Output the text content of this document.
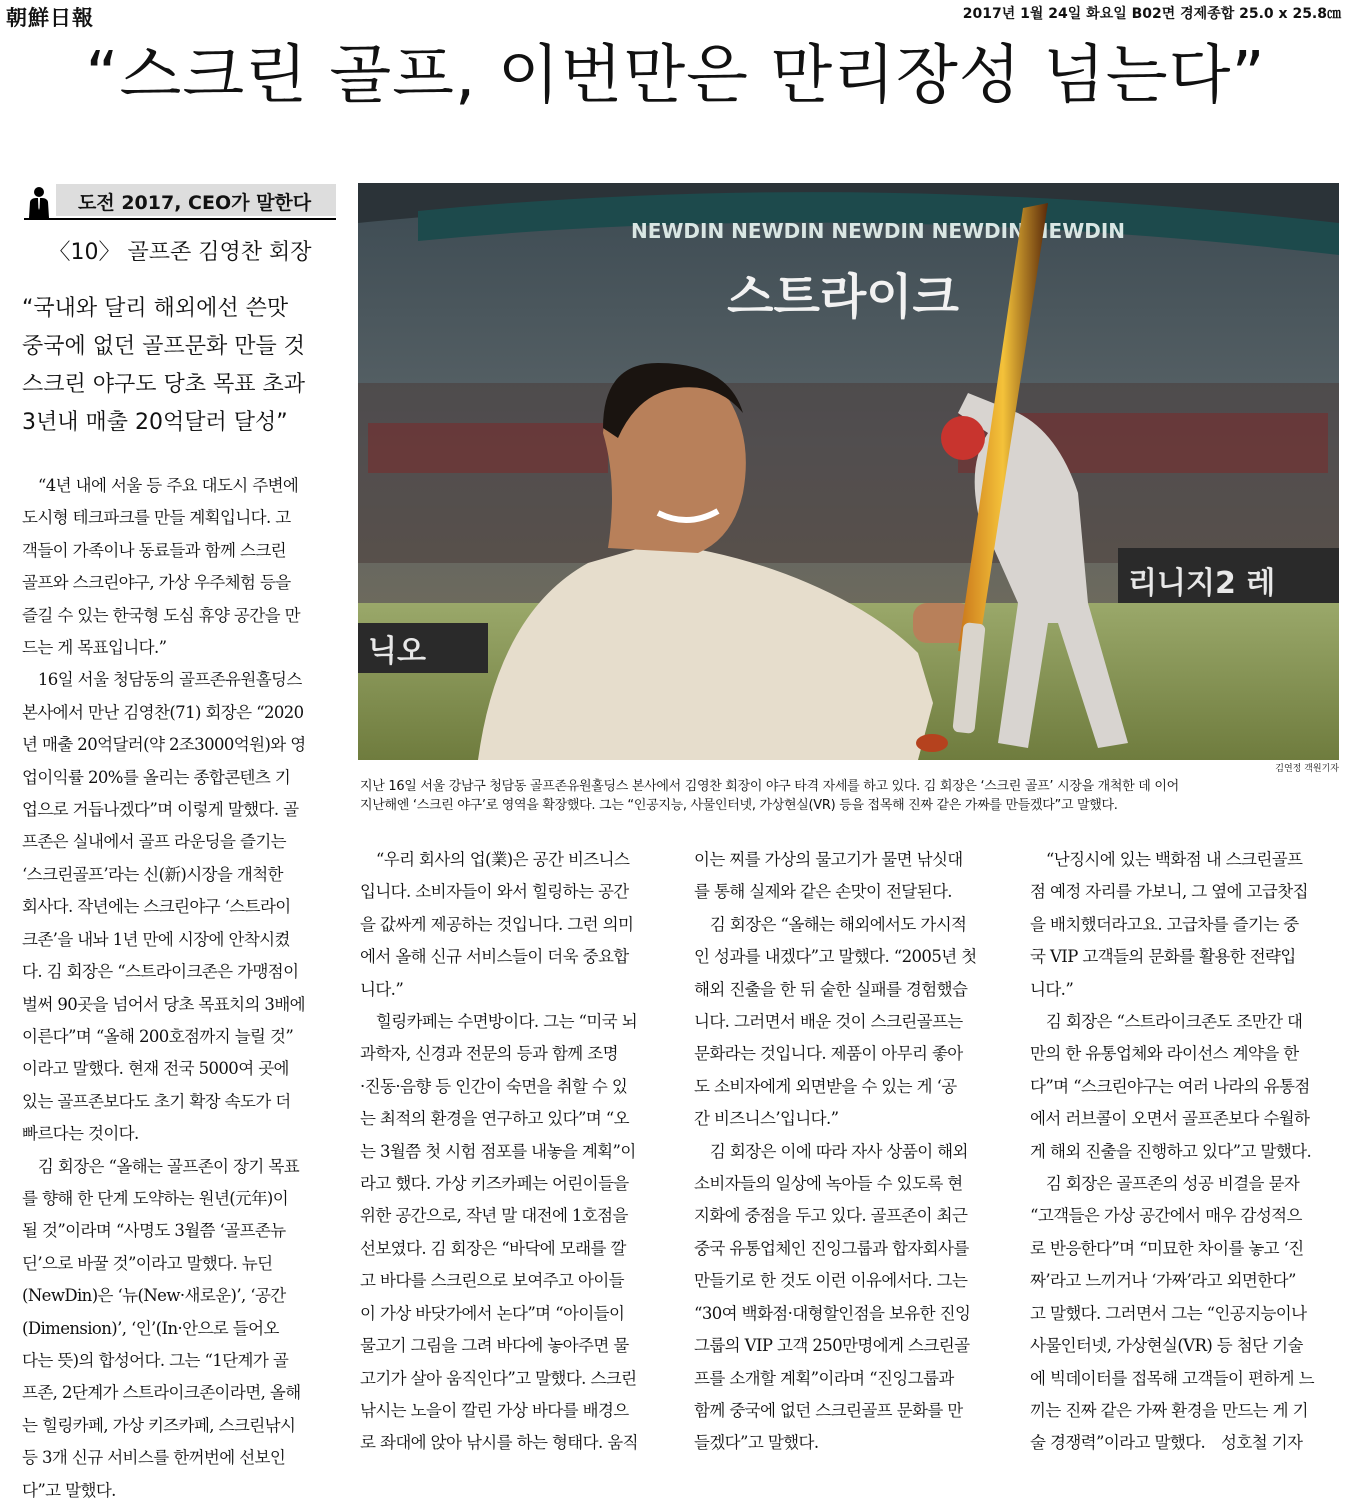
朝鮮日報	2017년 1월 24일 화요일 B02면 경제종합 25.0 x 25.8㎝
“스크린 골프, 이번만은 만리장성 넘는다”
도전 2017, CEO가 말한다
〈10〉 골프존 김영찬 회장
“국내와 달리 해외에선 쓴맛
중국에 없던 골프문화 만들 것
스크린 야구도 당초 목표 초과
3년내 매출 20억달러 달성”
　“4년 내에 서울 등 주요 대도시 주변에
도시형 테크파크를 만들 계획입니다. 고
객들이 가족이나 동료들과 함께 스크린
골프와 스크린야구, 가상 우주체험 등을
즐길 수 있는 한국형 도심 휴양 공간을 만
드는 게 목표입니다.”
　16일 서울 청담동의 골프존유원홀딩스
본사에서 만난 김영찬(71) 회장은 “2020
년 매출 20억달러(약 2조3000억원)와 영
업이익률 20%를 올리는 종합콘텐츠 기
업으로 거듭나겠다”며 이렇게 말했다. 골
프존은 실내에서 골프 라운딩을 즐기는
‘스크린골프’라는 신(新)시장을 개척한
회사다. 작년에는 스크린야구 ‘스트라이
크존’을 내놔 1년 만에 시장에 안착시켰
다. 김 회장은 “스트라이크존은 가맹점이
벌써 90곳을 넘어서 당초 목표치의 3배에
이른다”며 “올해 200호점까지 늘릴 것”
이라고 말했다. 현재 전국 5000여 곳에
있는 골프존보다도 초기 확장 속도가 더
빠르다는 것이다.
　김 회장은 “올해는 골프존이 장기 목표
를 향해 한 단계 도약하는 원년(元年)이
될 것”이라며 “사명도 3월쯤 ‘골프존뉴
딘’으로 바꿀 것”이라고 말했다. 뉴딘
(NewDin)은 ‘뉴(New·새로운)’, ‘공간
(Dimension)’, ‘인’(In·안으로 들어오
다는 뜻)의 합성어다. 그는 “1단계가 골
프존, 2단계가 스트라이크존이라면, 올해
는 힐링카페, 가상 키즈카페, 스크린낚시
등 3개 신규 서비스를 한꺼번에 선보인
다”고 말했다.
NEWDIN NEWDIN NEWDIN NEWDIN NEWDIN
스트라이크
리니지2 레
닉오
김연정 객원기자
지난 16일 서울 강남구 청담동 골프존유원홀딩스 본사에서 김영찬 회장이 야구 타격 자세를 하고 있다. 김 회장은 ‘스크린 골프’ 시장을 개척한 데 이어
지난해엔 ‘스크린 야구’로 영역을 확장했다. 그는 “인공지능, 사물인터넷, 가상현실(VR) 등을 접목해 진짜 같은 가짜를 만들겠다”고 말했다.
　“우리 회사의 업(業)은 공간 비즈니스
입니다. 소비자들이 와서 힐링하는 공간
을 값싸게 제공하는 것입니다. 그런 의미
에서 올해 신규 서비스들이 더욱 중요합
니다.”
　힐링카페는 수면방이다. 그는 “미국 뇌
과학자, 신경과 전문의 등과 함께 조명
·진동·음향 등 인간이 숙면을 취할 수 있
는 최적의 환경을 연구하고 있다”며 “오
는 3월쯤 첫 시험 점포를 내놓을 계획”이
라고 했다. 가상 키즈카페는 어린이들을
위한 공간으로, 작년 말 대전에 1호점을
선보였다. 김 회장은 “바닥에 모래를 깔
고 바다를 스크린으로 보여주고 아이들
이 가상 바닷가에서 논다”며 “아이들이
물고기 그림을 그려 바다에 놓아주면 물
고기가 살아 움직인다”고 말했다. 스크린
낚시는 노을이 깔린 가상 바다를 배경으
로 좌대에 앉아 낚시를 하는 형태다. 움직
이는 찌를 가상의 물고기가 물면 낚싯대
를 통해 실제와 같은 손맛이 전달된다.
　김 회장은 “올해는 해외에서도 가시적
인 성과를 내겠다”고 말했다. “2005년 첫
해외 진출을 한 뒤 숱한 실패를 경험했습
니다. 그러면서 배운 것이 스크린골프는
문화라는 것입니다. 제품이 아무리 좋아
도 소비자에게 외면받을 수 있는 게 ‘공
간 비즈니스’입니다.”
　김 회장은 이에 따라 자사 상품이 해외
소비자들의 일상에 녹아들 수 있도록 현
지화에 중점을 두고 있다. 골프존이 최근
중국 유통업체인 진잉그룹과 합자회사를
만들기로 한 것도 이런 이유에서다. 그는
“30여 백화점·대형할인점을 보유한 진잉
그룹의 VIP 고객 250만명에게 스크린골
프를 소개할 계획”이라며 “진잉그룹과
함께 중국에 없던 스크린골프 문화를 만
들겠다”고 말했다.
　“난징시에 있는 백화점 내 스크린골프
점 예정 자리를 가보니, 그 옆에 고급찻집
을 배치했더라고요. 고급차를 즐기는 중
국 VIP 고객들의 문화를 활용한 전략입
니다.”
　김 회장은 “스트라이크존도 조만간 대
만의 한 유통업체와 라이선스 계약을 한
다”며 “스크린야구는 여러 나라의 유통점
에서 러브콜이 오면서 골프존보다 수월하
게 해외 진출을 진행하고 있다”고 말했다.
　김 회장은 골프존의 성공 비결을 묻자
“고객들은 가상 공간에서 매우 감성적으
로 반응한다”며 “미묘한 차이를 놓고 ‘진
짜’라고 느끼거나 ‘가짜’라고 외면한다”
고 말했다. 그러면서 그는 “인공지능이나
사물인터넷, 가상현실(VR) 등 첨단 기술
에 빅데이터를 접목해 고객들이 편하게 느
끼는 진짜 같은 가짜 환경을 만드는 게 기
술 경쟁력”이라고 말했다.　성호철 기자
